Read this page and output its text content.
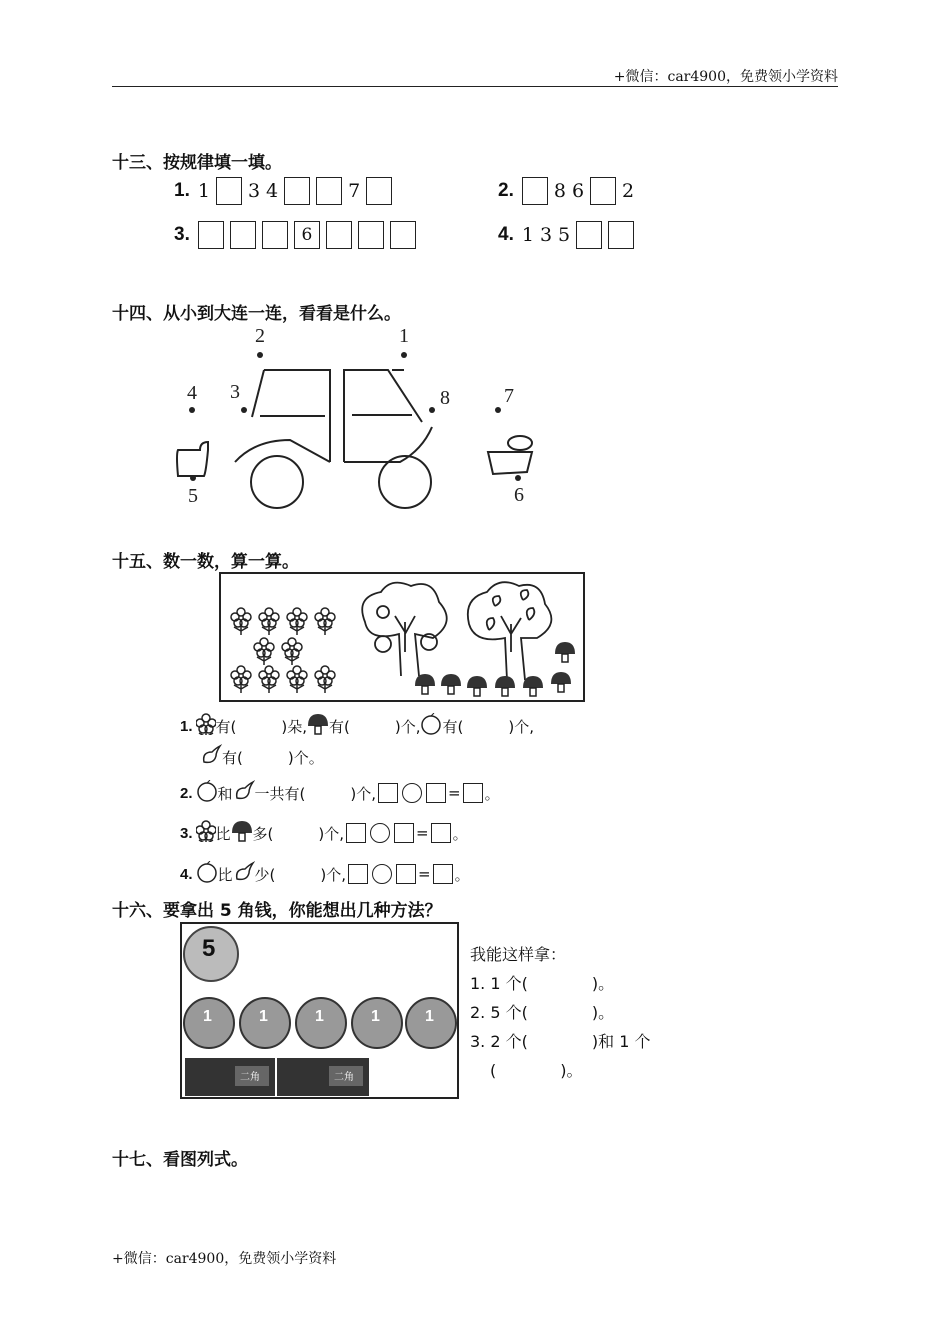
+微信：car4900，免费领小学资料
+微信：car4900，免费领小学资料
十三、按规律填一填。
1. 1 3 4	7	2. 8 6 2
3.	6	4. 1 3 5
十四、从小到大连一连，看看是什么。
2	1
4 3	8	7
5	6
十五、数一数，算一算。
1. 有(　　　)朵, 有(　　　)个, 有(　　　)个,
有(　　　)个。
2. 和 一共有(　　　)个,	= 。
3. 比 多(　　　)个,	= 。
4. 比 少(　　　)个,	= 。
十六、要拿出 5 角钱，你能想出几种方法？
5
1	1	1	1	1
二角	二角
我能这样拿：
1. 1 个(　　　　)。
2. 5 个(　　　　)。
3. 2 个(　　　　)和 1 个
(　　　　)。
十七、看图列式。
